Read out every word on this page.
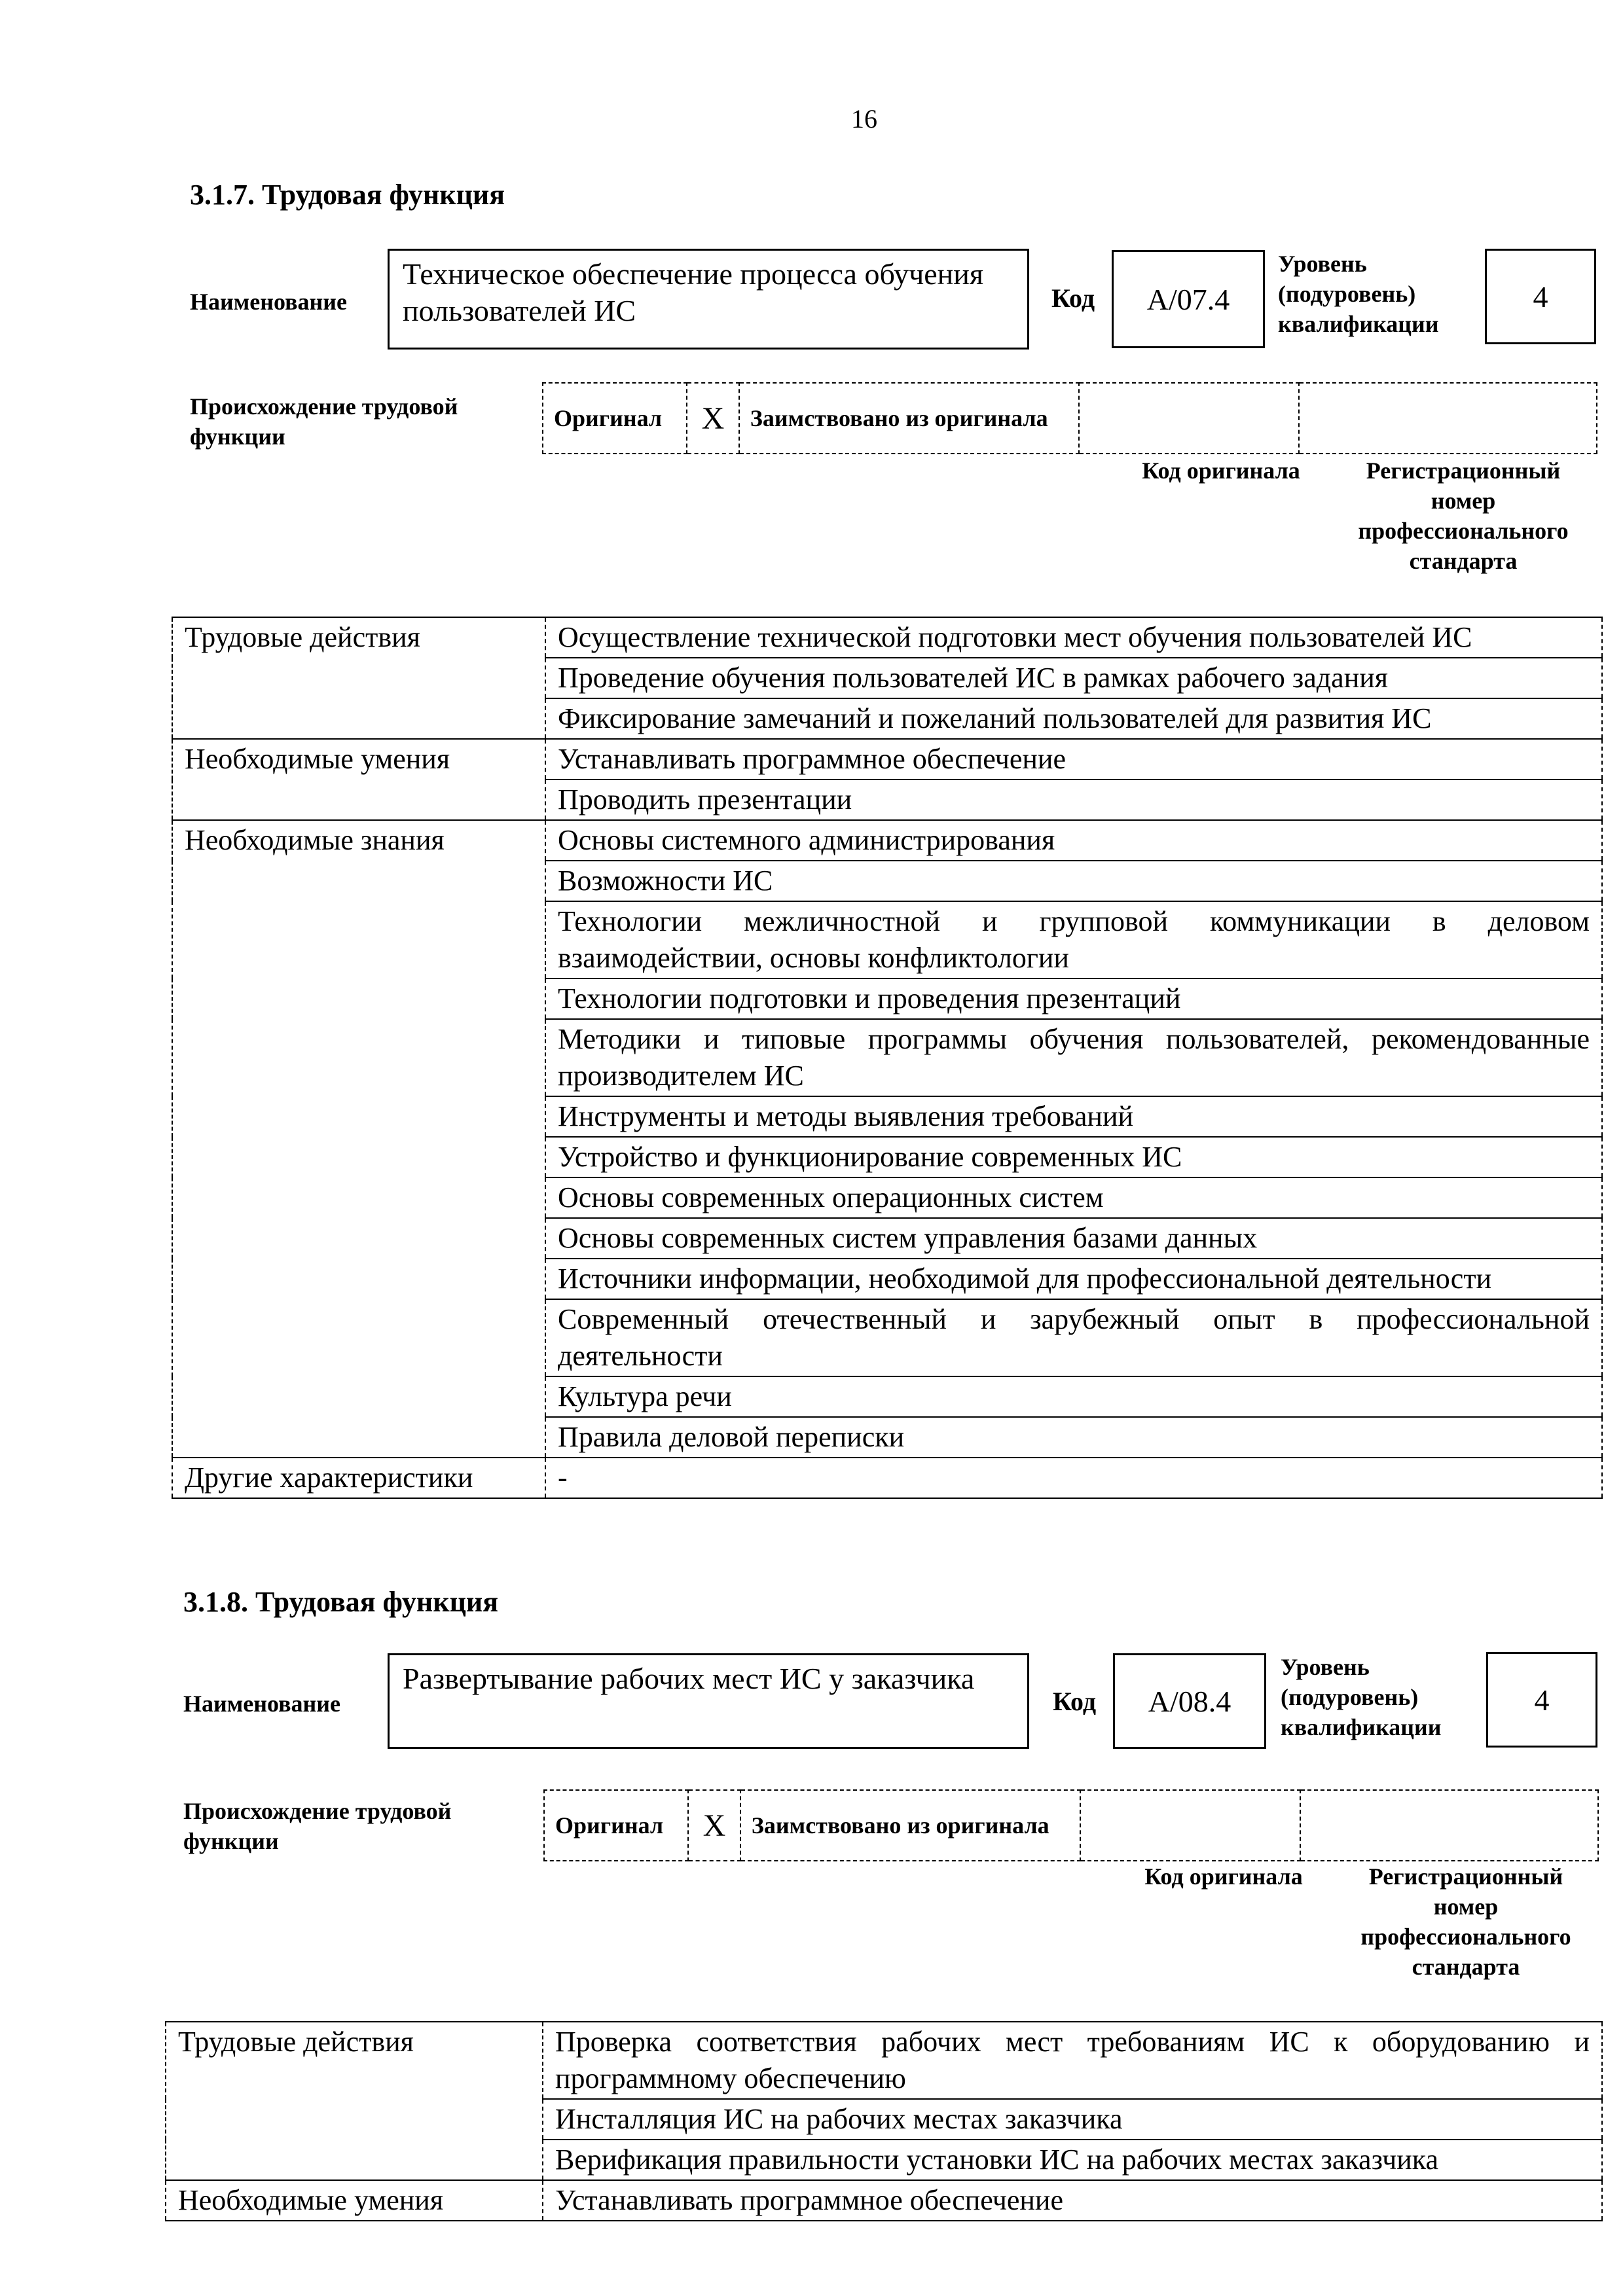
16
3.1.7. Трудовая функция
Наименование
Техническое обеспечение процесса обучения пользователей ИС	Код	A/07.4
Уровень
(подуровень)
квалификации
4
Происхождение трудовой функции
Оригинал	X	Заимствовано из оригинала		
Код оригинала	Регистрационный
номер
профессионального
стандарта
Трудовые действия	Осуществление технической подготовки мест обучения пользователей ИС
	Проведение обучения пользователей ИС в рамках рабочего задания
	Фиксирование замечаний и пожеланий пользователей для развития ИС
Необходимые умения	Устанавливать программное обеспечение
	Проводить презентации
Необходимые знания	Основы системного администрирования
	Возможности ИС
	Технологии межличностной и групповой коммуникации в деловом взаимодействии, основы конфликтологии
	Технологии подготовки и проведения презентаций
	Методики и типовые программы обучения пользователей, рекомендованные производителем ИС
	Инструменты и методы выявления требований
	Устройство и функционирование современных ИС
	Основы современных операционных систем
	Основы современных систем управления базами данных
	Источники информации, необходимой для профессиональной деятельности
	Современный отечественный и зарубежный опыт в профессиональной деятельности
	Культура речи
	Правила деловой переписки
Другие характеристики	-
3.1.8. Трудовая функция
Наименование
Развертывание рабочих мест ИС у заказчика
Код	A/08.4
Уровень
(подуровень)
квалификации
4
Происхождение трудовой функции
Оригинал	X	Заимствовано из оригинала		
Код оригинала	Регистрационный
номер
профессионального
стандарта
Трудовые действия	Проверка соответствия рабочих мест требованиям ИС к оборудованию и программному обеспечению
	Инсталляция ИС на рабочих местах заказчика
	Верификация правильности установки ИС на рабочих местах заказчика
Необходимые умения	Устанавливать программное обеспечение
